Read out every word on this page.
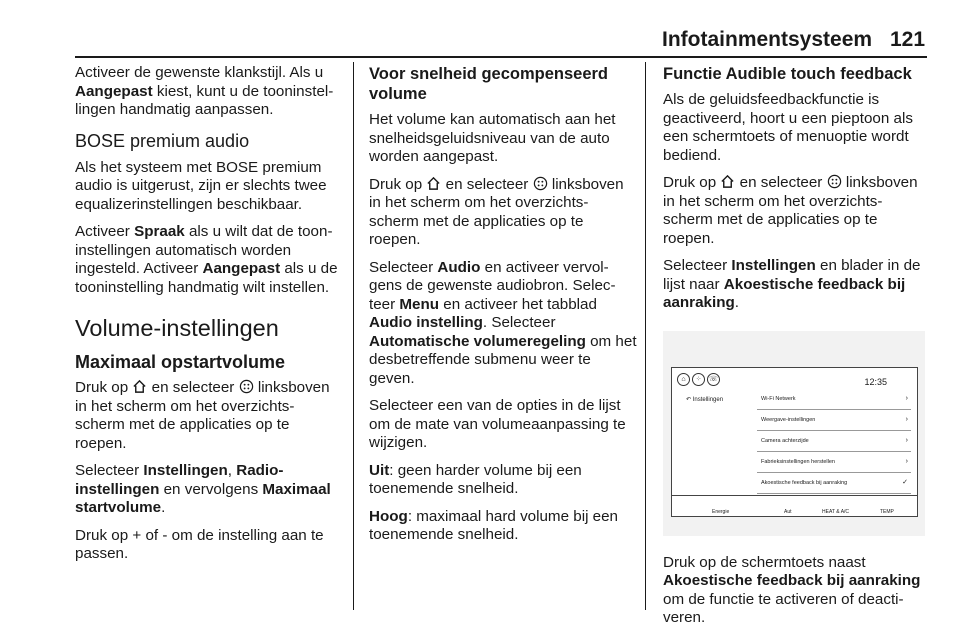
Infotainmentsysteem 121

Activeer de gewenste klankstijl. Als u Aangepast kiest, kunt u de tooninstel-lingen handmatig aanpassen.

BOSE premium audio

Als het systeem met BOSE premium audio is uitgerust, zijn er slechts twee equalizerinstellingen beschikbaar.

Activeer Spraak als u wilt dat de toon-instellingen automatisch worden ingesteld. Activeer Aangepast als u de tooninstelling handmatig wilt instellen.

Volume-instellingen
Maximaal opstartvolume

Druk op  en selecteer  linksboven in het scherm om het overzichts-scherm met de applicaties op te roepen.

Selecteer Instellingen, Radio-instellingen en vervolgens Maximaal startvolume.

Druk op + of - om de instelling aan te passen.

Voor snelheid gecompenseerd volume

Het volume kan automatisch aan het snelheidsgeluidsniveau van de auto worden aangepast.

Druk op  en selecteer  linksboven in het scherm om het overzichts-scherm met de applicaties op te roepen.

Selecteer Audio en activeer vervol-gens de gewenste audiobron. Selec-teer Menu en activeer het tabblad Audio instelling. Selecteer Automatische volumeregeling om het desbetreffende submenu weer te geven.

Selecteer een van de opties in de lijst om de mate van volumeaanpassing te wijzigen.

Uit: geen harder volume bij een toenemende snelheid.

Hoog: maximaal hard volume bij een toenemende snelheid.

Functie Audible touch feedback

Als de geluidsfeedbackfunctie is geactiveerd, hoort u een pieptoon als een schermtoets of menuoptie wordt bediend.

Druk op  en selecteer  linksboven in het scherm om het overzichts-scherm met de applicaties op te roepen.

Selecteer Instellingen en blader in de lijst naar Akoestische feedback bij aanraking.

⌂	⁘	☏	12:35
↶ Instellingen	Wi-Fi Netwerk	›
Weergave-instellingen	›
Camera achterzijde	›
Fabrieksinstellingen herstellen	›
Akoestische feedback bij aanraking	✓
Energie	Aut	HEAT & A/C	TEMP

Druk op de schermtoets naast Akoestische feedback bij aanraking om de functie te activeren of deacti-veren.
